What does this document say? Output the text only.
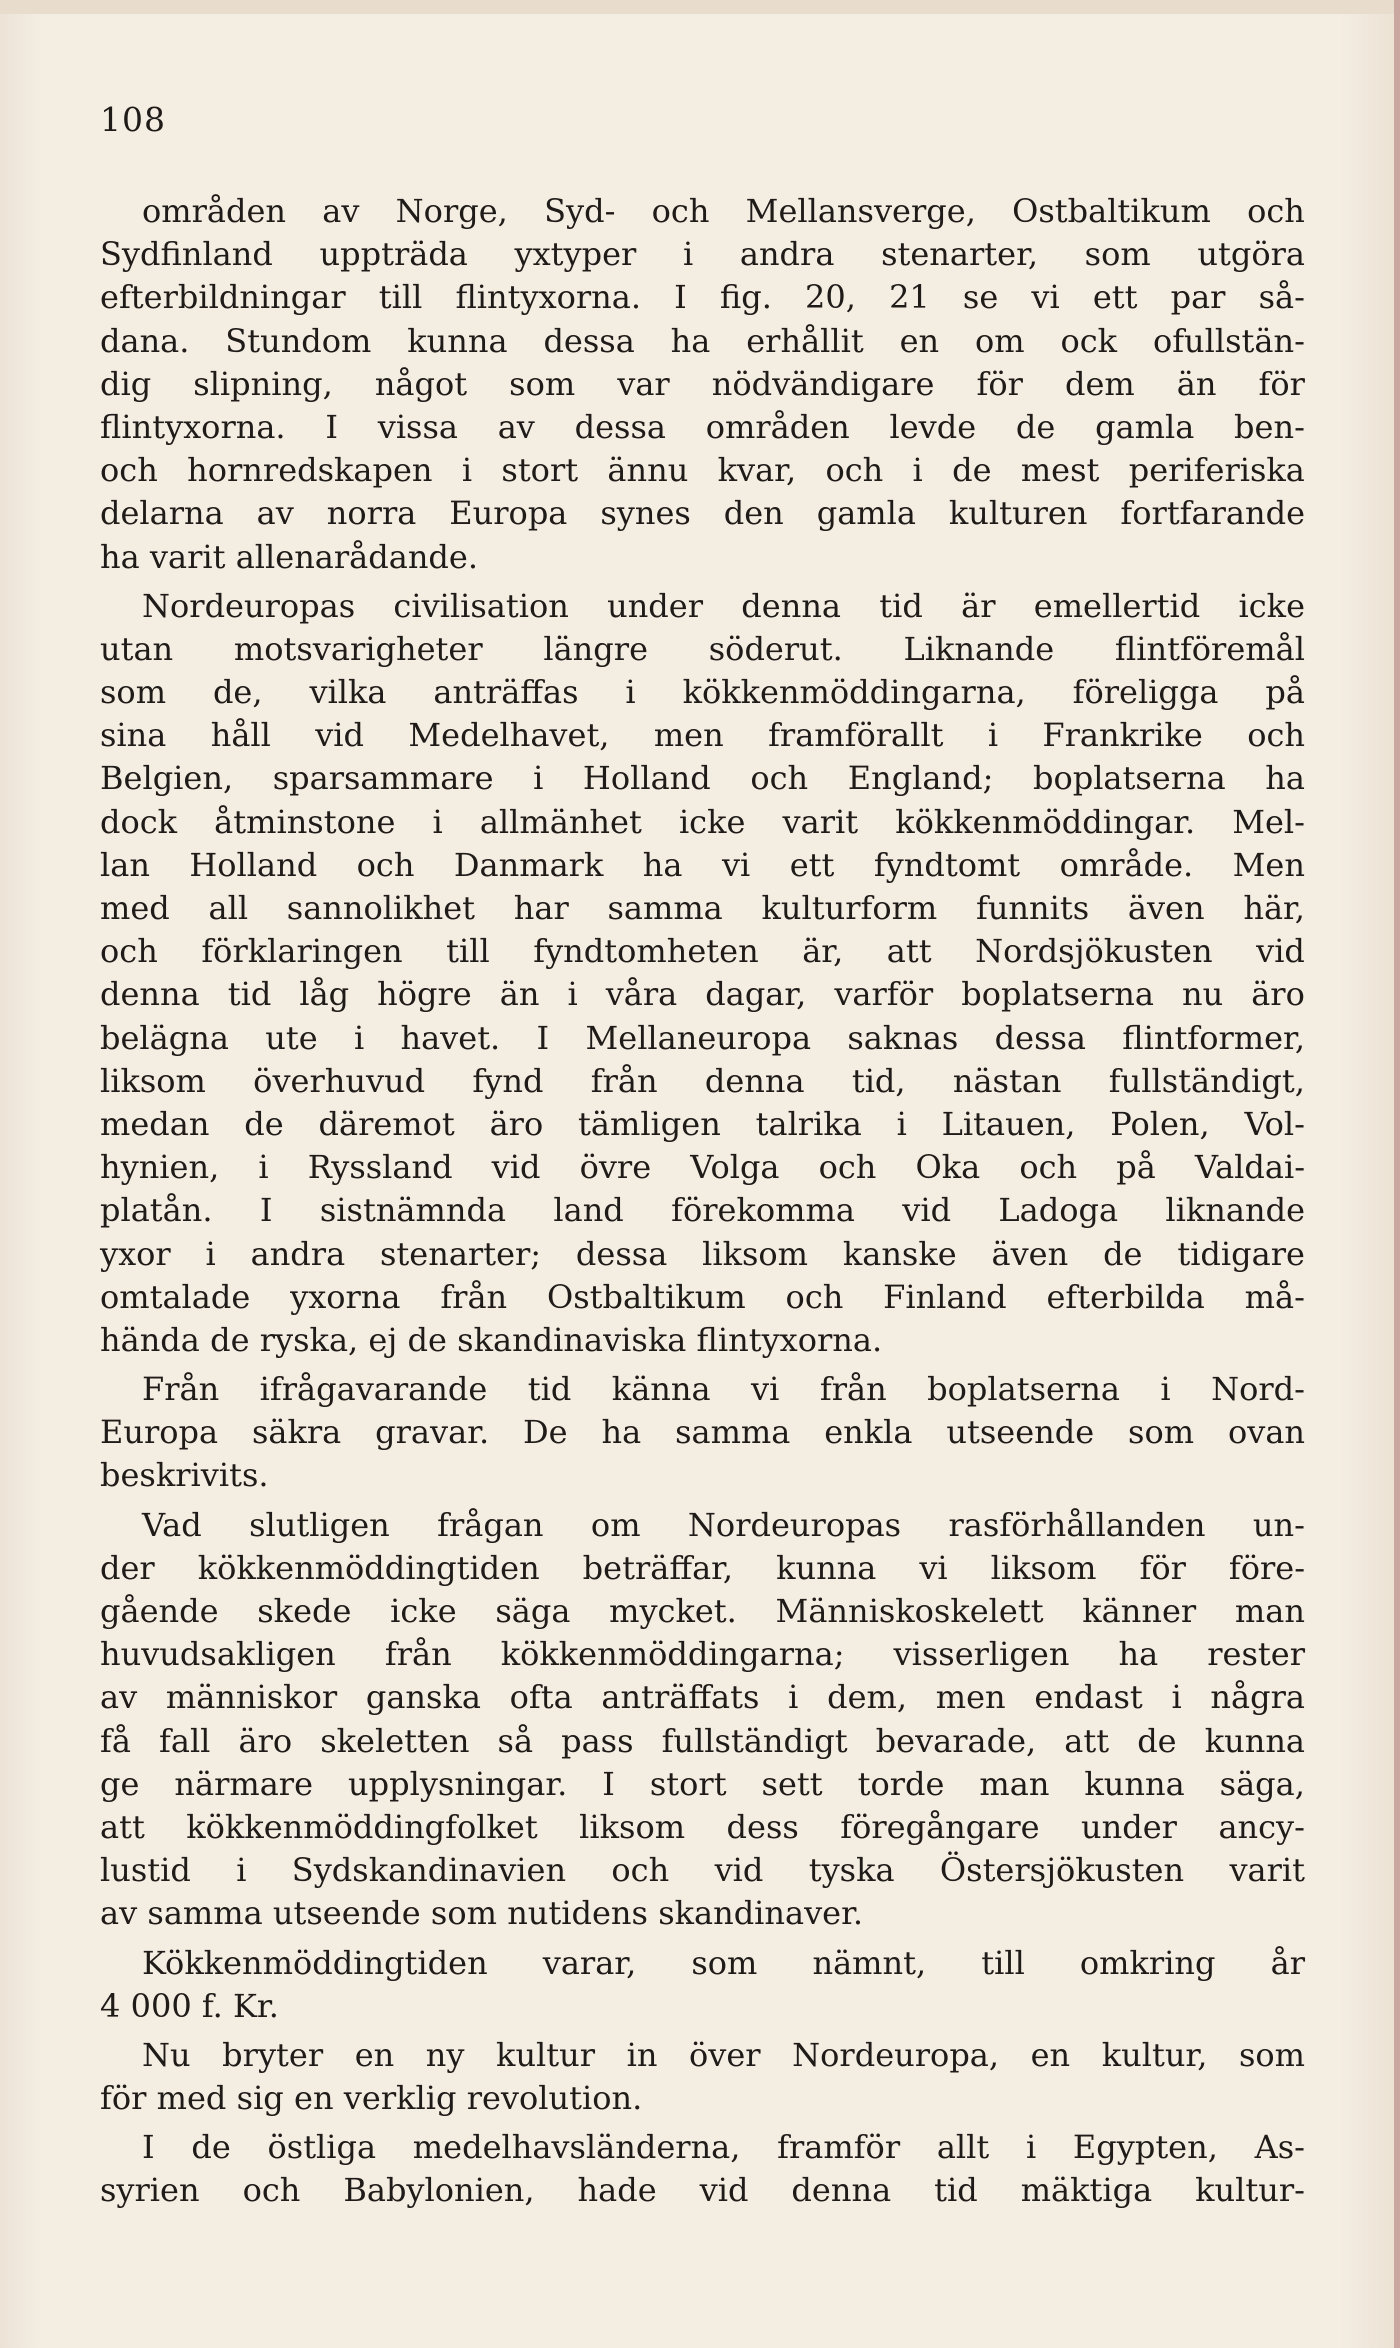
108
områden av Norge, Syd- och Mellansverge, Ostbaltikum och
Sydfinland uppträda yxtyper i andra stenarter, som utgöra
efterbildningar till flintyxorna. I fig. 20, 21 se vi ett par så-
dana. Stundom kunna dessa ha erhållit en om ock ofullstän-
dig slipning, något som var nödvändigare för dem än för
flintyxorna. I vissa av dessa områden levde de gamla ben-
och hornredskapen i stort ännu kvar, och i de mest periferiska
delarna av norra Europa synes den gamla kulturen fortfarande
ha varit allenarådande.
Nordeuropas civilisation under denna tid är emellertid icke
utan motsvarigheter längre söderut. Liknande flintföremål
som de, vilka anträffas i kökkenmöddingarna, föreligga på
sina håll vid Medelhavet, men framförallt i Frankrike och
Belgien, sparsammare i Holland och England; boplatserna ha
dock åtminstone i allmänhet icke varit kökkenmöddingar. Mel-
lan Holland och Danmark ha vi ett fyndtomt område. Men
med all sannolikhet har samma kulturform funnits även här,
och förklaringen till fyndtomheten är, att Nordsjökusten vid
denna tid låg högre än i våra dagar, varför boplatserna nu äro
belägna ute i havet. I Mellaneuropa saknas dessa flintformer,
liksom överhuvud fynd från denna tid, nästan fullständigt,
medan de däremot äro tämligen talrika i Litauen, Polen, Vol-
hynien, i Ryssland vid övre Volga och Oka och på Valdai-
platån. I sistnämnda land förekomma vid Ladoga liknande
yxor i andra stenarter; dessa liksom kanske även de tidigare
omtalade yxorna från Ostbaltikum och Finland efterbilda må-
hända de ryska, ej de skandinaviska flintyxorna.
Från ifrågavarande tid känna vi från boplatserna i Nord-
Europa säkra gravar. De ha samma enkla utseende som ovan
beskrivits.
Vad slutligen frågan om Nordeuropas rasförhållanden un-
der kökkenmöddingtiden beträffar, kunna vi liksom för före-
gående skede icke säga mycket. Människoskelett känner man
huvudsakligen från kökkenmöddingarna; visserligen ha rester
av människor ganska ofta anträffats i dem, men endast i några
få fall äro skeletten så pass fullständigt bevarade, att de kunna
ge närmare upplysningar. I stort sett torde man kunna säga,
att kökkenmöddingfolket liksom dess föregångare under ancy-
lustid i Sydskandinavien och vid tyska Östersjökusten varit
av samma utseende som nutidens skandinaver.
Kökkenmöddingtiden varar, som nämnt, till omkring år
4 000 f. Kr.
Nu bryter en ny kultur in över Nordeuropa, en kultur, som
för med sig en verklig revolution.
I de östliga medelhavsländerna, framför allt i Egypten, As-
syrien och Babylonien, hade vid denna tid mäktiga kultur-
